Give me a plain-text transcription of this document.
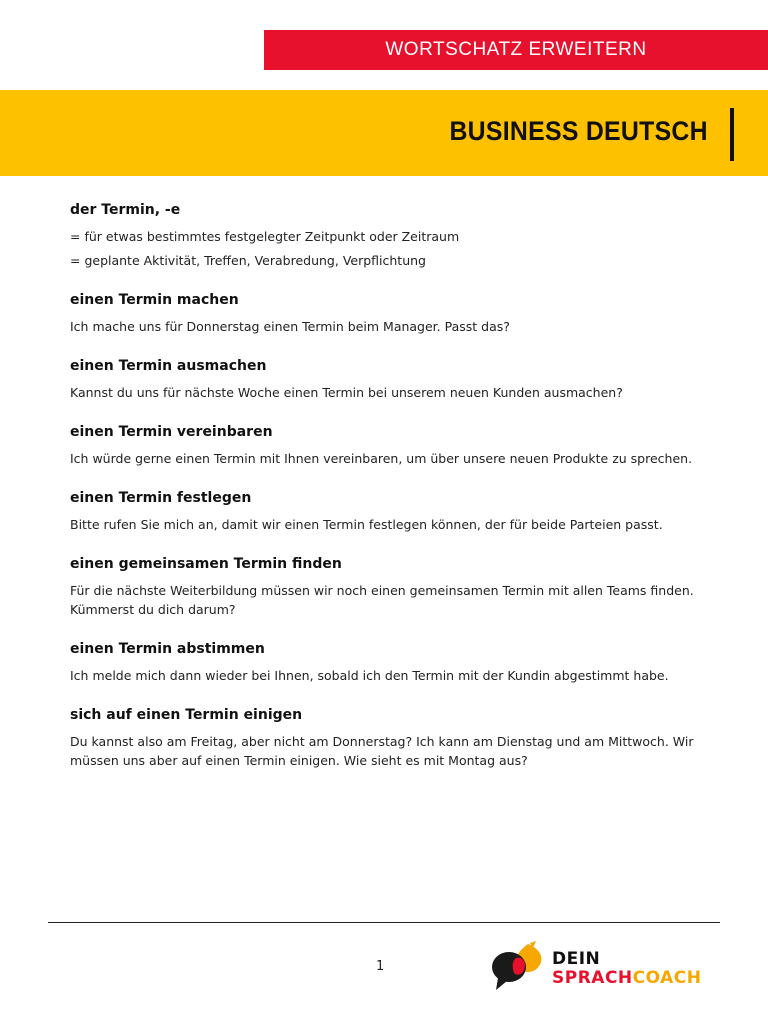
WORTSCHATZ ERWEITERN
BUSINESS DEUTSCH
der Termin, -e

= für etwas bestimmtes festgelegter Zeitpunkt oder Zeitraum

= geplante Aktivität, Treffen, Verabredung, Verpflichtung

einen Termin machen

Ich mache uns für Donnerstag einen Termin beim Manager. Passt das?

einen Termin ausmachen

Kannst du uns für nächste Woche einen Termin bei unserem neuen Kunden ausmachen?

einen Termin vereinbaren

Ich würde gerne einen Termin mit Ihnen vereinbaren, um über unsere neuen Produkte zu sprechen.

einen Termin festlegen

Bitte rufen Sie mich an, damit wir einen Termin festlegen können, der für beide Parteien passt.

einen gemeinsamen Termin finden

Für die nächste Weiterbildung müssen wir noch einen gemeinsamen Termin mit allen Teams finden. Kümmerst du dich darum?

einen Termin abstimmen

Ich melde mich dann wieder bei Ihnen, sobald ich den Termin mit der Kundin abgestimmt habe.

sich auf einen Termin einigen

Du kannst also am Freitag, aber nicht am Donnerstag? Ich kann am Dienstag und am Mittwoch. Wir müssen uns aber auf einen Termin einigen. Wie sieht es mit Montag aus?

1	DEIN
SPRACHCOACH
